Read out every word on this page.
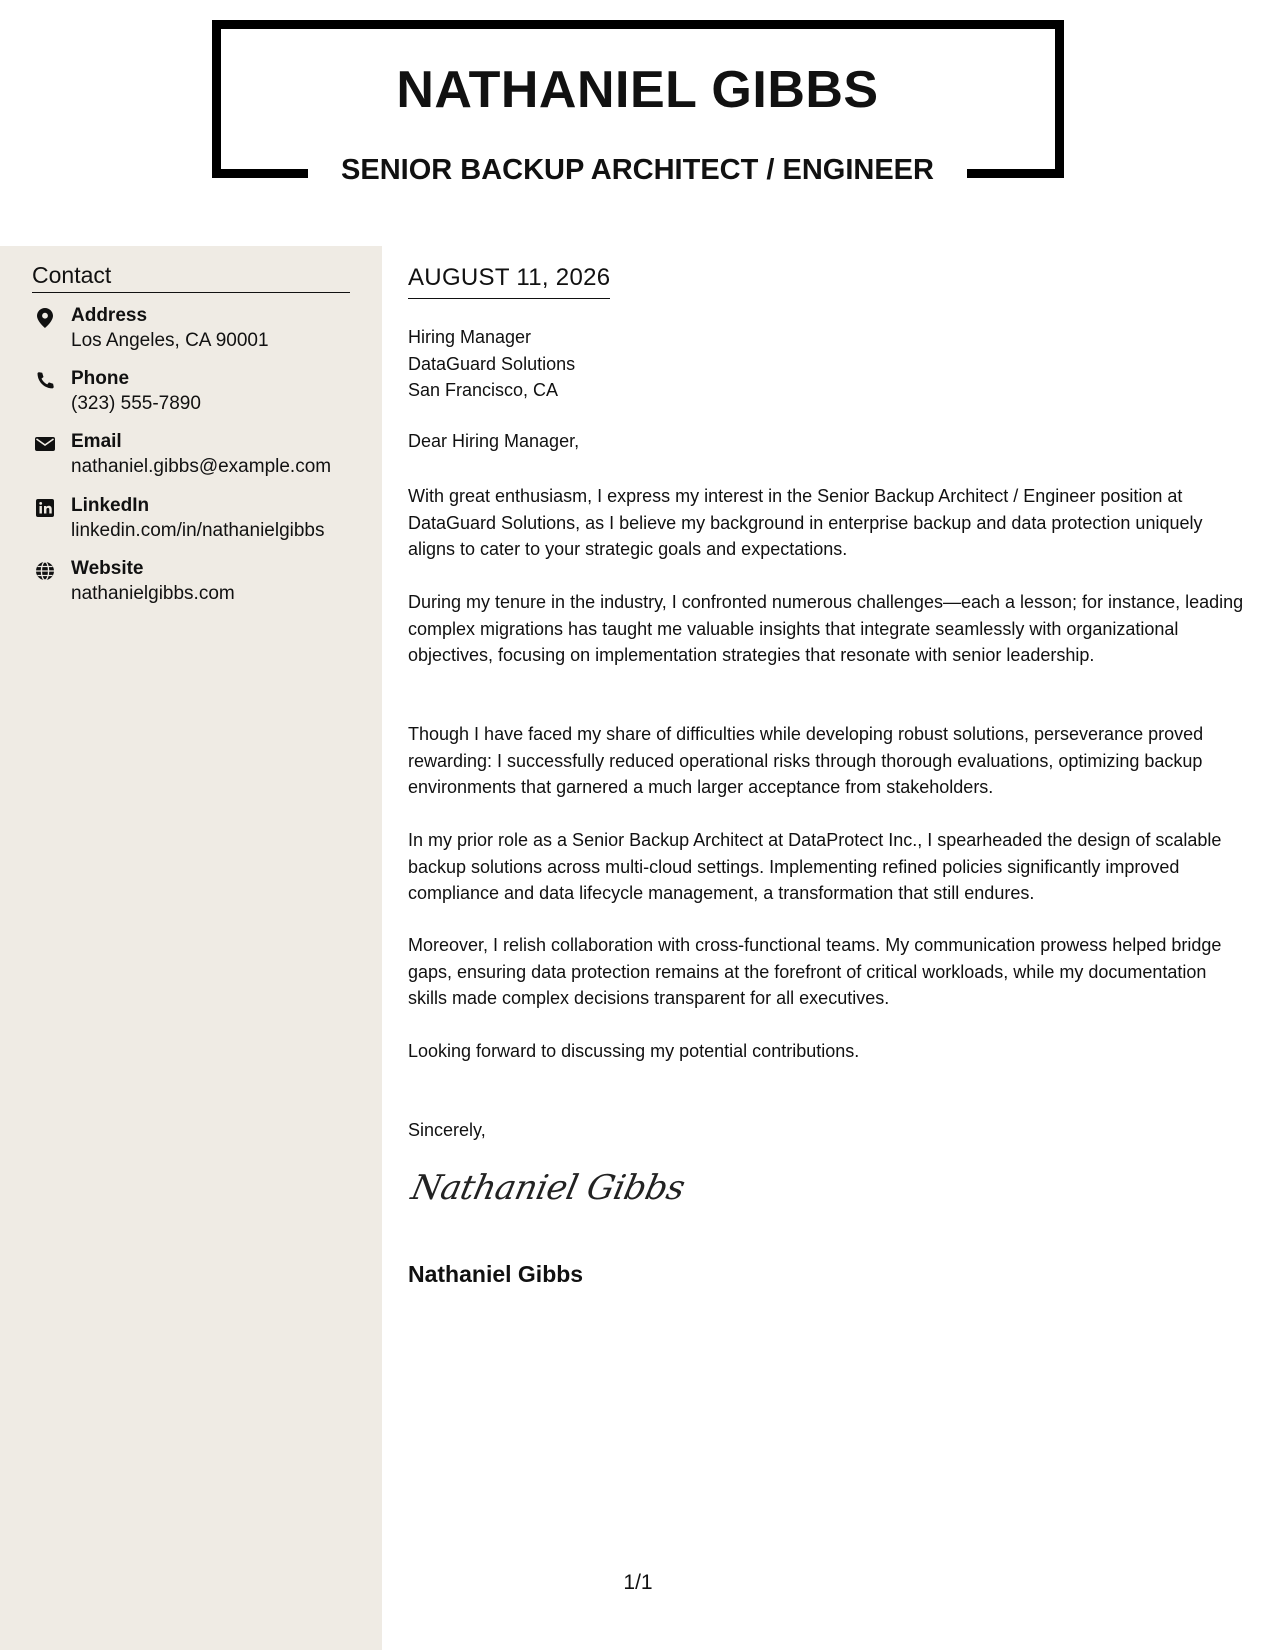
NATHANIEL GIBBS
SENIOR BACKUP ARCHITECT / ENGINEER
Contact
Address
Los Angeles, CA 90001
Phone
(323) 555-7890
Email
nathaniel.gibbs@example.com
LinkedIn
linkedin.com/in/nathanielgibbs
Website
nathanielgibbs.com
AUGUST 11, 2026
Hiring Manager
DataGuard Solutions
San Francisco, CA
Dear Hiring Manager,

With great enthusiasm, I express my interest in the Senior Backup Architect / Engineer position at DataGuard Solutions, as I believe my background in enterprise backup and data protection uniquely aligns to cater to your strategic goals and expectations.

During my tenure in the industry, I confronted numerous challenges—each a lesson; for instance, leading complex migrations has taught me valuable insights that integrate seamlessly with organizational objectives, focusing on implementation strategies that resonate with senior leadership.

Though I have faced my share of difficulties while developing robust solutions, perseverance proved rewarding: I successfully reduced operational risks through thorough evaluations, optimizing backup environments that garnered a much larger acceptance from stakeholders.

In my prior role as a Senior Backup Architect at DataProtect Inc., I spearheaded the design of scalable backup solutions across multi-cloud settings. Implementing refined policies significantly improved compliance and data lifecycle management, a transformation that still endures.

Moreover, I relish collaboration with cross-functional teams. My communication prowess helped bridge gaps, ensuring data protection remains at the forefront of critical workloads, while my documentation skills made complex decisions transparent for all executives.

Looking forward to discussing my potential contributions.

Sincerely,
Nathaniel Gibbs
Nathaniel Gibbs
1/1
